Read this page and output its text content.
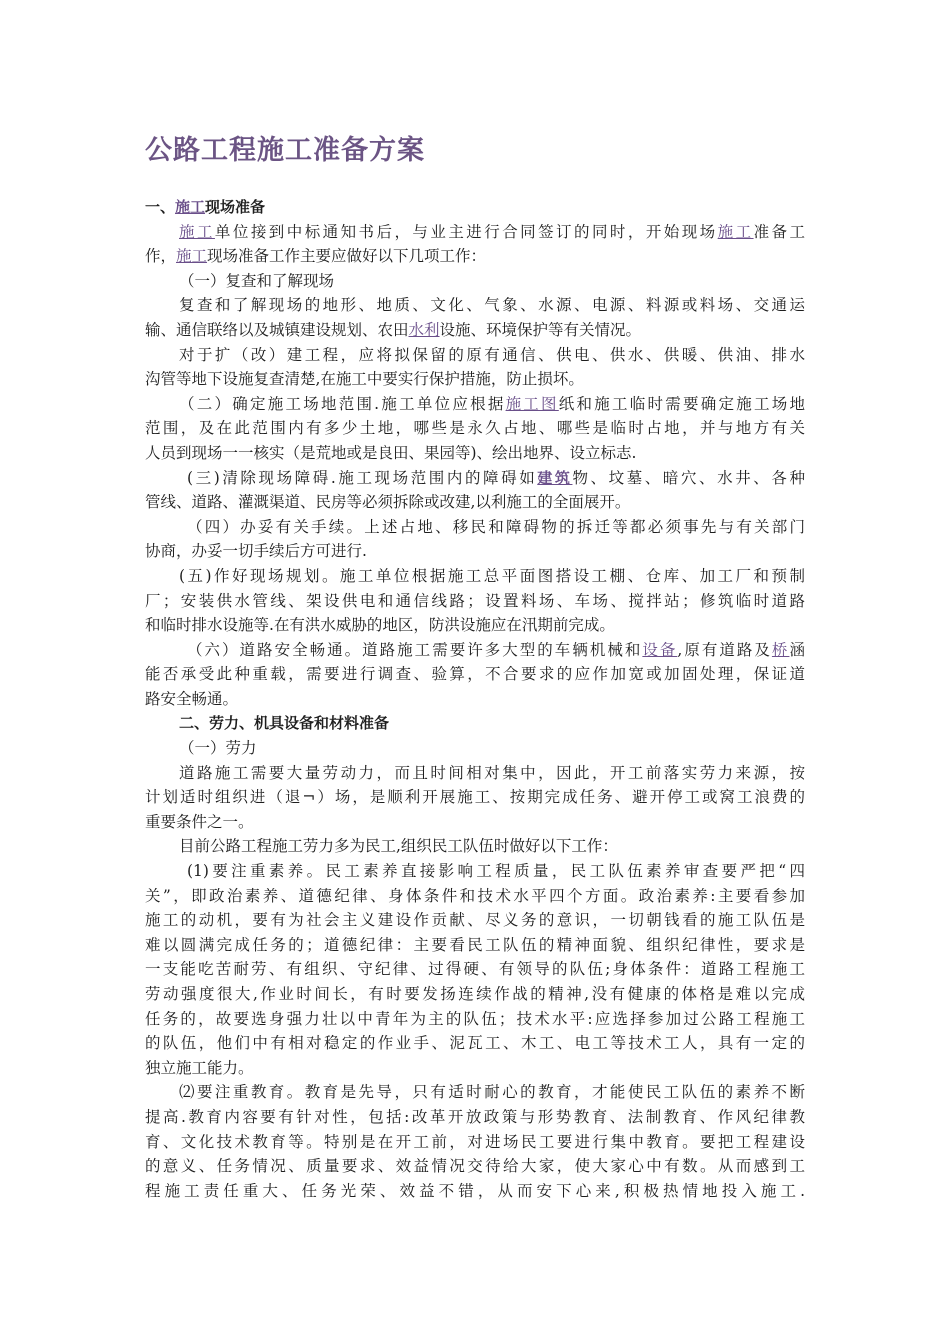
公路工程施工准备方案
一、施工现场准备
施工单位接到中标通知书后，与业主进行合同签订的同时，开始现场施工准备工
作，施工现场准备工作主要应做好以下几项工作：
（一）复查和了解现场
复查和了解现场的地形、地质、文化、气象、水源、电源、料源或料场、交通运
输、通信联络以及城镇建设规划、农田水利设施、环境保护等有关情况。
对于扩（改）建工程，应将拟保留的原有通信、供电、供水、供暖、供油、排水
沟管等地下设施复查清楚,在施工中要实行保护措施，防止损坏。
（二）确定施工场地范围.施工单位应根据施工图纸和施工临时需要确定施工场地
范围，及在此范围内有多少土地，哪些是永久占地、哪些是临时占地，并与地方有关
人员到现场一一核实（是荒地或是良田、果园等)、绘出地界、设立标志.
(三)清除现场障碍.施工现场范围内的障碍如建筑物、坟墓、暗穴、水井、各种
管线、道路、灌溉渠道、民房等必须拆除或改建,以利施工的全面展开。
（四）办妥有关手续。上述占地、移民和障碍物的拆迁等都必须事先与有关部门
协商，办妥一切手续后方可进行.
(五)作好现场规划。施工单位根据施工总平面图搭设工棚、仓库、加工厂和预制
厂；安装供水管线、架设供电和通信线路；设置料场、车场、搅拌站；修筑临时道路
和临时排水设施等.在有洪水威胁的地区，防洪设施应在汛期前完成。
（六）道路安全畅通。道路施工需要许多大型的车辆机械和设备,原有道路及桥涵
能否承受此种重载，需要进行调查、验算，不合要求的应作加宽或加固处理，保证道
路安全畅通。
二、劳力、机具设备和材料准备
（一）劳力
道路施工需要大量劳动力，而且时间相对集中，因此，开工前落实劳力来源，按
计划适时组织进（退¬）场，是顺利开展施工、按期完成任务、避开停工或窝工浪费的
重要条件之一。
目前公路工程施工劳力多为民工,组织民工队伍时做好以下工作：
(1)要注重素养。民工素养直接影响工程质量，民工队伍素养审查要严把“四
关”，即政治素养、道德纪律、身体条件和技术水平四个方面。政治素养:主要看参加
施工的动机，要有为社会主义建设作贡献、尽义务的意识，一切朝钱看的施工队伍是
难以圆满完成任务的；道德纪律：主要看民工队伍的精神面貌、组织纪律性，要求是
一支能吃苦耐劳、有组织、守纪律、过得硬、有领导的队伍;身体条件：道路工程施工
劳动强度很大,作业时间长，有时要发扬连续作战的精神,没有健康的体格是难以完成
任务的，故要选身强力壮以中青年为主的队伍；技术水平:应选择参加过公路工程施工
的队伍，他们中有相对稳定的作业手、泥瓦工、木工、电工等技术工人，具有一定的
独立施工能力。
⑵要注重教育。教育是先导，只有适时耐心的教育，才能使民工队伍的素养不断
提高.教育内容要有针对性，包括:改革开放政策与形势教育、法制教育、作风纪律教
育、文化技术教育等。特别是在开工前，对进场民工要进行集中教育。要把工程建设
的意义、任务情况、质量要求、效益情况交待给大家，使大家心中有数。从而感到工
程施工责任重大、任务光荣、效益不错，从而安下心来,积极热情地投入施工.
